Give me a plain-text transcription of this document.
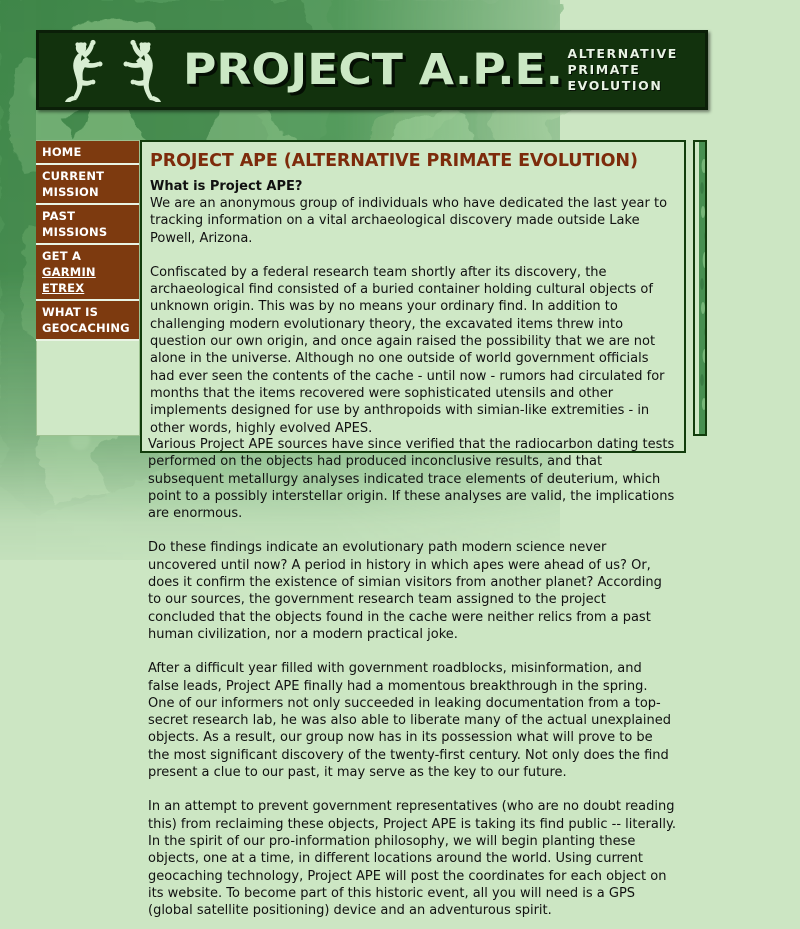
PROJECT A.P.E. ALTERNATIVE
PRIMATE
EVOLUTION
HOME
CURRENT
MISSION
PAST
MISSIONS
GET A
GARMIN ETREX
WHAT IS
GEOCACHING
PROJECT APE (ALTERNATIVE PRIMATE EVOLUTION)

What is Project APE?

We are an anonymous group of individuals who have dedicated the last year to tracking information on a vital archaeological discovery made outside Lake Powell, Arizona.

Confiscated by a federal research team shortly after its discovery, the archaeological find consisted of a buried container holding cultural objects of unknown origin. This was by no means your ordinary find. In addition to challenging modern evolutionary theory, the excavated items threw into question our own origin, and once again raised the possibility that we are not alone in the universe. Although no one outside of world government officials had ever seen the contents of the cache - until now - rumors had circulated for months that the items recovered were sophisticated utensils and other implements designed for use by anthropoids with simian-like extremities - in other words, highly evolved APES.

Various Project APE sources have since verified that the radiocarbon dating tests performed on the objects had produced inconclusive results, and that subsequent metallurgy analyses indicated trace elements of deuterium, which point to a possibly interstellar origin. If these analyses are valid, the implications are enormous.

Do these findings indicate an evolutionary path modern science never uncovered until now? A period in history in which apes were ahead of us? Or, does it confirm the existence of simian visitors from another planet? According to our sources, the government research team assigned to the project concluded that the objects found in the cache were neither relics from a past human civilization, nor a modern practical joke.

After a difficult year filled with government roadblocks, misinformation, and false leads, Project APE finally had a momentous breakthrough in the spring. One of our informers not only succeeded in leaking documentation from a top-secret research lab, he was also able to liberate many of the actual unexplained objects. As a result, our group now has in its possession what will prove to be the most significant discovery of the twenty-first century. Not only does the find present a clue to our past, it may serve as the key to our future.

In an attempt to prevent government representatives (who are no doubt reading this) from reclaiming these objects, Project APE is taking its find public -- literally. In the spirit of our pro-information philosophy, we will begin planting these objects, one at a time, in different locations around the world. Using current geocaching technology, Project APE will post the coordinates for each object on its website. To become part of this historic event, all you will need is a GPS (global satellite positioning) device and an adventurous spirit.
